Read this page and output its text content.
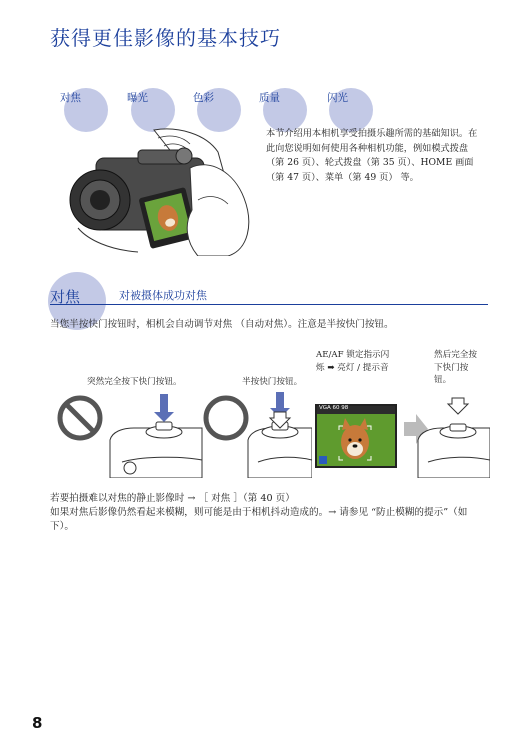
获得更佳影像的基本技巧
对焦	曝光	色彩	质量	闪光
本节介绍用本相机享受拍摄乐趣所需的基础知识。在此向您说明如何使用各种相机功能，例如模式拨盘 （第 26 页）、轮式拨盘（第 35 页）、HOME 画面 （第 47 页）、菜单（第 49 页） 等。
对焦	对被摄体成功对焦
当您半按快门按钮时，相机会自动调节对焦 （自动对焦）。注意是半按快门按钮。
突然完全按下快门按钮。	半按快门按钮。
AE/AF 锁定指示闪烁 ➡ 亮灯 / 提示音
然后完全按下快门按钮。
VGA 60 98
若要拍摄难以对焦的静止影像时 → ［ 对焦 ］（第 40 页）
如果对焦后影像仍然看起来模糊，则可能是由于相机抖动造成的。→ 请参见 “防止模糊的提示”（如下）。
8
